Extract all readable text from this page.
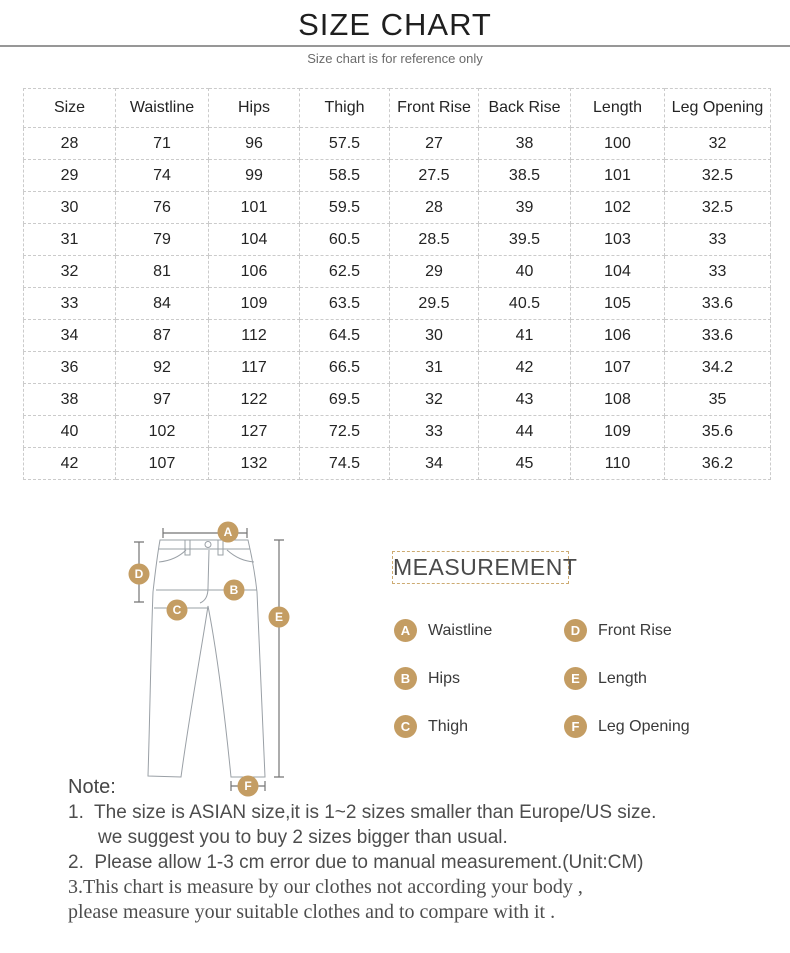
SIZE CHART
Size chart is for reference only
Size	Waistline	Hips	Thigh	Front Rise	Back Rise	Length	Leg Opening
28	71	96	57.5	27	38	100	32
29	74	99	58.5	27.5	38.5	101	32.5
30	76	101	59.5	28	39	102	32.5
31	79	104	60.5	28.5	39.5	103	33
32	81	106	62.5	29	40	104	33
33	84	109	63.5	29.5	40.5	105	33.6
34	87	112	64.5	30	41	106	33.6
36	92	117	66.5	31	42	107	34.2
38	97	122	69.5	32	43	108	35
40	102	127	72.5	33	44	109	35.6
42	107	132	74.5	34	45	110	36.2
A
B
C
D
E
F
MEASUREMENT
A	Waistline	D	Front Rise
B	Hips	E	Length
C	Thigh	F	Leg Opening
Note:
1.  The size is ASIAN size,it is 1~2 sizes smaller than Europe/US size.
we suggest you to buy 2 sizes bigger than usual.
2.  Please allow 1-3 cm error due to manual measurement.(Unit:CM)
3.This chart is measure by our clothes not according your body ,
please measure your suitable clothes and to compare with it .
